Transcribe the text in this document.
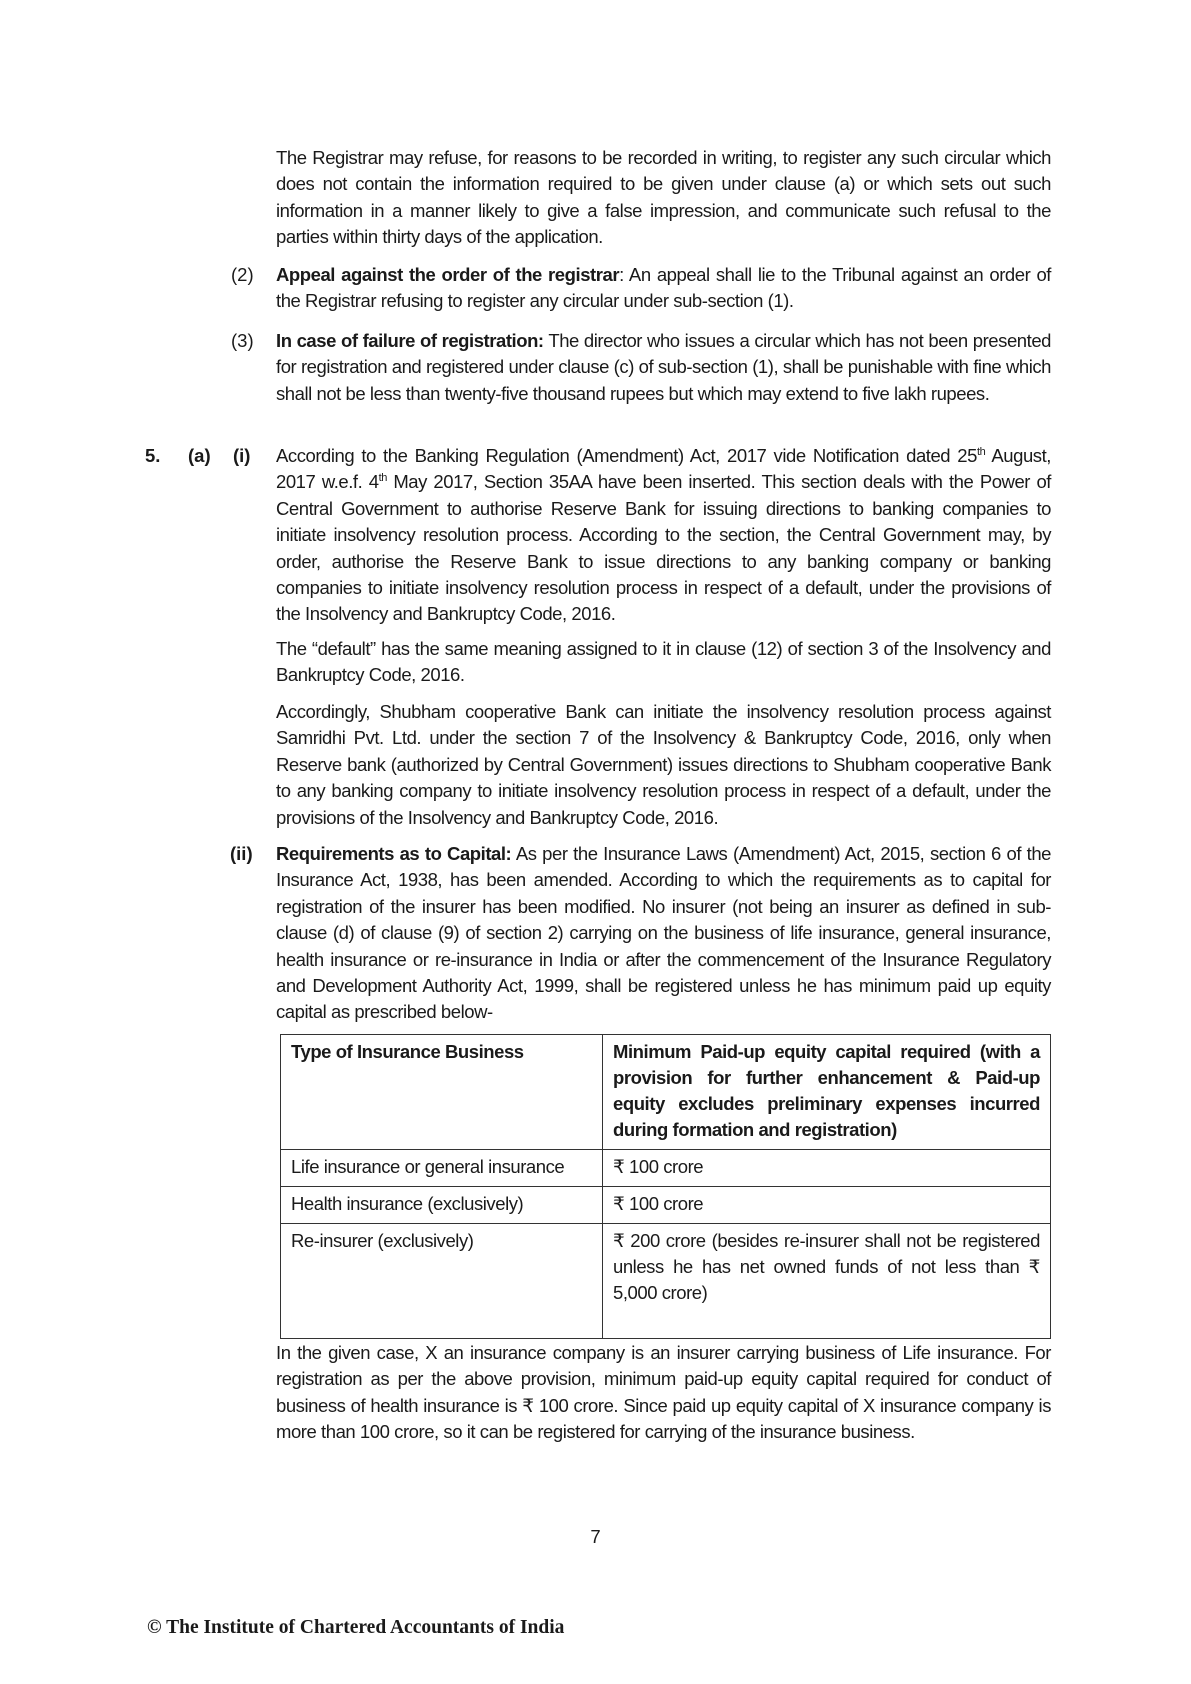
The Registrar may refuse, for reasons to be recorded in writing, to register any such circular which does not contain the information required to be given under clause (a) or which sets out such information in a manner likely to give a false impression, and communicate such refusal to the parties within thirty days of the application.

(2) Appeal against the order of the registrar: An appeal shall lie to the Tribunal against an order of the Registrar refusing to register any circular under sub-section (1).

(3) In case of failure of registration: The director who issues a circular which has not been presented for registration and registered under clause (c) of sub-section (1), shall be punishable with fine which shall not be less than twenty-five thousand rupees but which may extend to five lakh rupees.

5. (a) (i) According to the Banking Regulation (Amendment) Act, 2017 vide Notification dated 25th August, 2017 w.e.f. 4th May 2017, Section 35AA have been inserted. This section deals with the Power of Central Government to authorise Reserve Bank for issuing directions to banking companies to initiate insolvency resolution process. According to the section, the Central Government may, by order, authorise the Reserve Bank to issue directions to any banking company or banking companies to initiate insolvency resolution process in respect of a default, under the provisions of the Insolvency and Bankruptcy Code, 2016.

The “default” has the same meaning assigned to it in clause (12) of section 3 of the Insolvency and Bankruptcy Code, 2016.

Accordingly, Shubham cooperative Bank can initiate the insolvency resolution process against Samridhi Pvt. Ltd. under the section 7 of the Insolvency & Bankruptcy Code, 2016, only when Reserve bank (authorized by Central Government) issues directions to Shubham cooperative Bank to any banking company to initiate insolvency resolution process in respect of a default, under the provisions of the Insolvency and Bankruptcy Code, 2016.

(ii) Requirements as to Capital: As per the Insurance Laws (Amendment) Act, 2015, section 6 of the Insurance Act, 1938, has been amended. According to which the requirements as to capital for registration of the insurer has been modified. No insurer (not being an insurer as defined in sub-clause (d) of clause (9) of section 2) carrying on the business of life insurance, general insurance, health insurance or re-insurance in India or after the commencement of the Insurance Regulatory and Development Authority Act, 1999, shall be registered unless he has minimum paid up equity capital as prescribed below-

Type of Insurance Business	Minimum Paid-up equity capital required (with a provision for further enhancement & Paid-up equity excludes preliminary expenses incurred during formation and registration)
Life insurance or general insurance	₹ 100 crore
Health insurance (exclusively)	₹ 100 crore
Re-insurer (exclusively)	₹ 200 crore (besides re-insurer shall not be registered unless he has net owned funds of not less than ₹ 5,000 crore)

In the given case, X an insurance company is an insurer carrying business of Life insurance. For registration as per the above provision, minimum paid-up equity capital required for conduct of business of health insurance is ₹ 100 crore. Since paid up equity capital of X insurance company is more than 100 crore, so it can be registered for carrying of the insurance business.

7
© The Institute of Chartered Accountants of India
